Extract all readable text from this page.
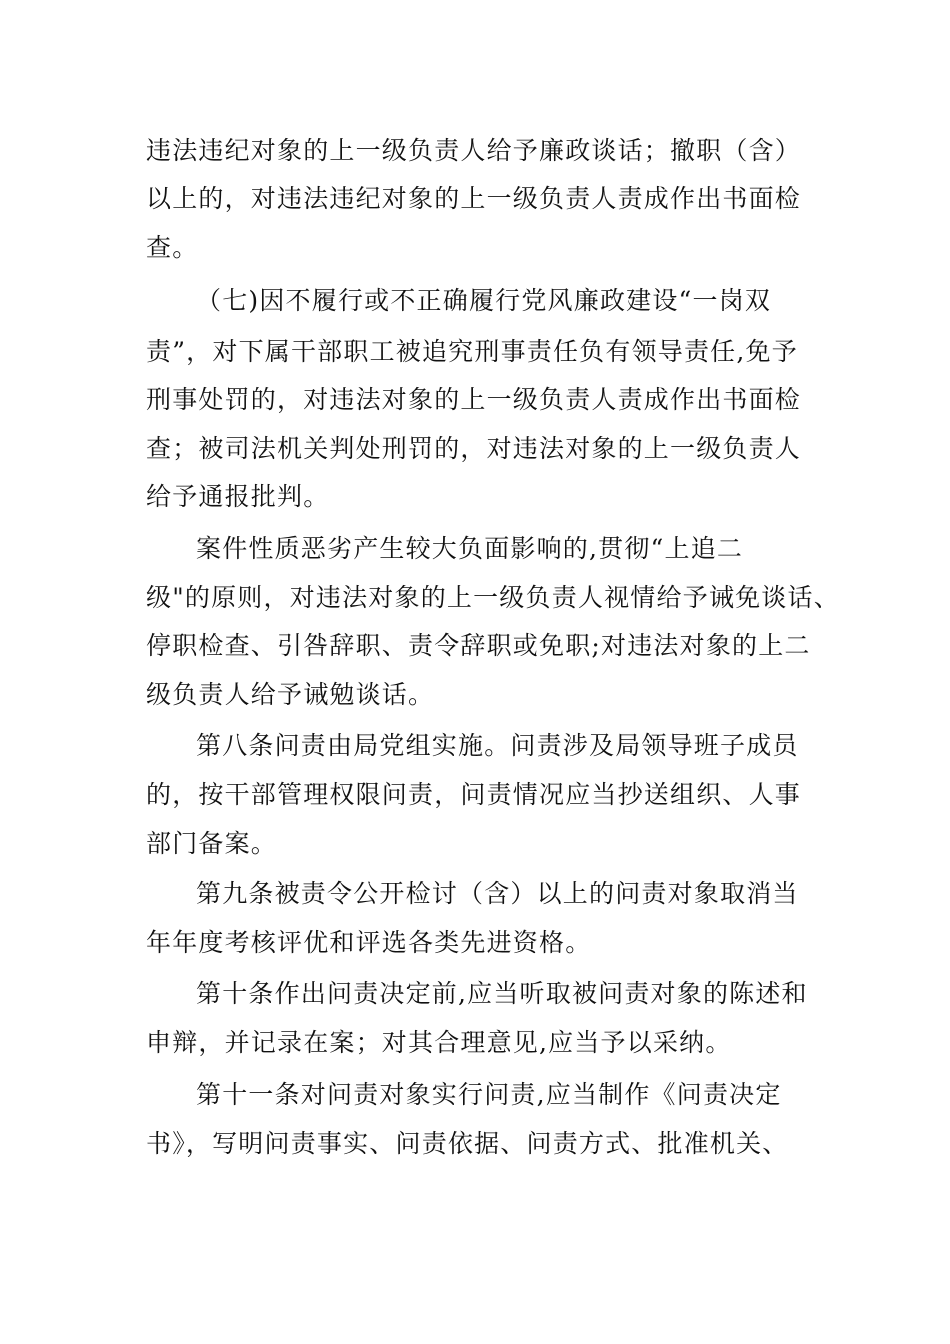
违法违纪对象的上一级负责人给予廉政谈话；撤职（含）
以上的，对违法违纪对象的上一级负责人责成作出书面检
查。
（七)因不履行或不正确履行党风廉政建设“一岗双
责”，对下属干部职工被追究刑事责任负有领导责任,免予
刑事处罚的，对违法对象的上一级负责人责成作出书面检
查；被司法机关判处刑罚的，对违法对象的上一级负责人
给予通报批判。
案件性质恶劣产生较大负面影响的,贯彻“上追二
级"的原则，对违法对象的上一级负责人视情给予诫免谈话、
停职检查、引咎辞职、责令辞职或免职;对违法对象的上二
级负责人给予诫勉谈话。
第八条问责由局党组实施。问责涉及局领导班子成员
的，按干部管理权限问责，问责情况应当抄送组织、人事
部门备案。
第九条被责令公开检讨（含）以上的问责对象取消当
年年度考核评优和评选各类先进资格。
第十条作出问责决定前,应当听取被问责对象的陈述和
申辩，并记录在案；对其合理意见,应当予以采纳。
第十一条对问责对象实行问责,应当制作《问责决定
书》，写明问责事实、问责依据、问责方式、批准机关、
